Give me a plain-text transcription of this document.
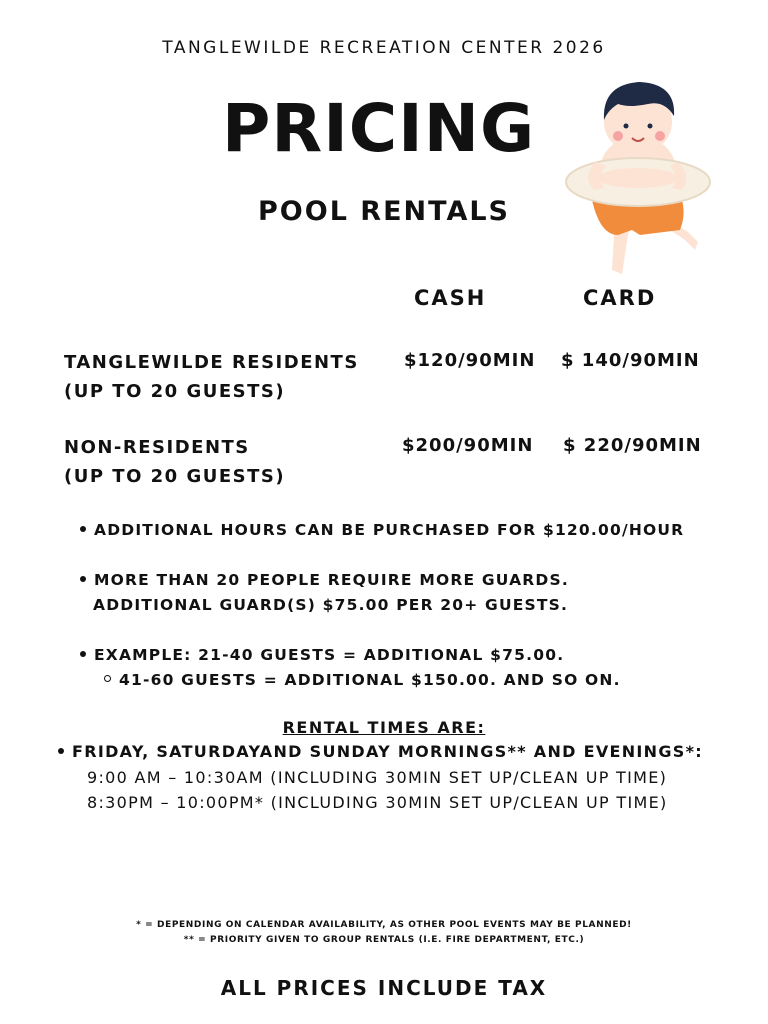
TANGLEWILDE RECREATION CENTER 2026
PRICING
POOL RENTALS
CASH	CARD
TANGLEWILDE RESIDENTS
(UP TO 20 GUESTS)
$120/90MIN $ 140/90MIN
NON-RESIDENTS
(UP TO 20 GUESTS)
$200/90MIN $ 220/90MIN
ADDITIONAL HOURS CAN BE PURCHASED FOR $120.00/HOUR
MORE THAN 20 PEOPLE REQUIRE MORE GUARDS.
ADDITIONAL GUARD(S) $75.00 PER 20+ GUESTS.
EXAMPLE: 21-40 GUESTS = ADDITIONAL $75.00.
41-60 GUESTS = ADDITIONAL $150.00. AND SO ON.
RENTAL TIMES ARE:
FRIDAY, SATURDAYAND SUNDAY MORNINGS** AND EVENINGS*:
9:00 AM – 10:30AM (INCLUDING 30MIN SET UP/CLEAN UP TIME)
8:30PM – 10:00PM* (INCLUDING 30MIN SET UP/CLEAN UP TIME)
* = DEPENDING ON CALENDAR AVAILABILITY, AS OTHER POOL EVENTS MAY BE PLANNED!
** = PRIORITY GIVEN TO GROUP RENTALS (I.E. FIRE DEPARTMENT, ETC.)
ALL PRICES INCLUDE TAX
